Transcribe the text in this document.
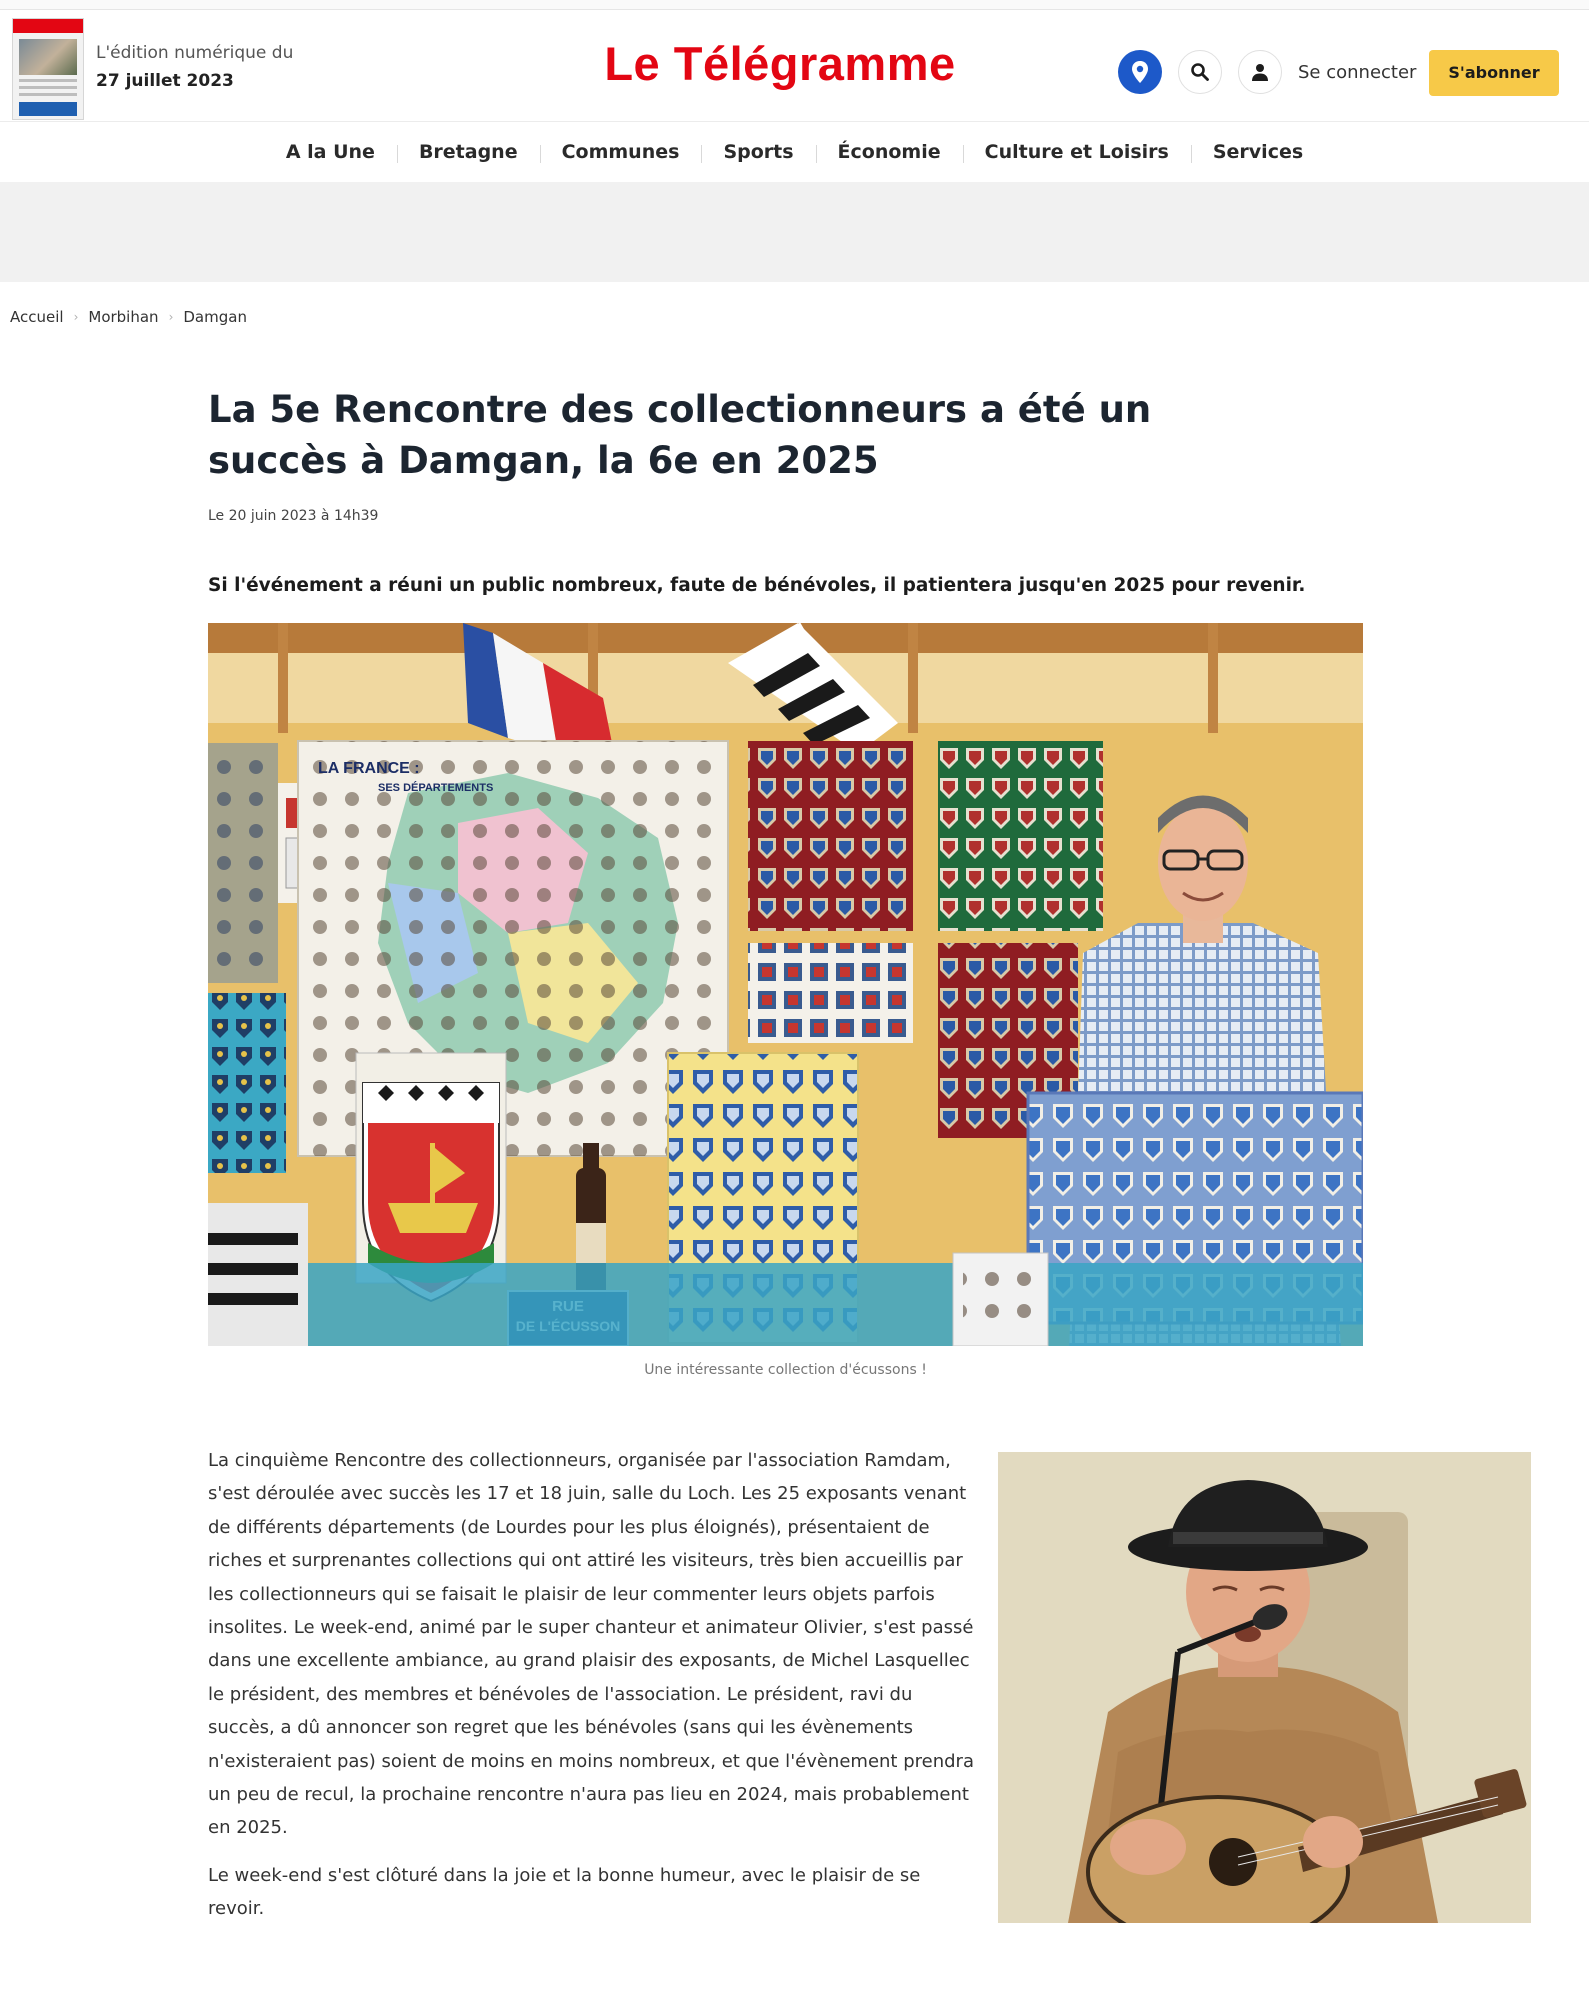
L'édition numérique du
27 juillet 2023	Le Télégramme	Se connecter	S'abonner
A la Une	Bretagne	Communes	Sports	Économie	Culture et Loisirs	Services
Accueil › Morbihan › Damgan
La 5e Rencontre des collectionneurs a été un succès à Damgan, la 6e en 2025
Le 20 juin 2023 à 14h39
Si l'événement a réuni un public nombreux, faute de bénévoles, il patientera jusqu'en 2025 pour revenir.
LA FRANCE :
SES DÉPARTEMENTS
Une intéressante collection d'écussons !

La cinquième Rencontre des collectionneurs, organisée par l'association Ramdam, s'est déroulée avec succès les 17 et 18 juin, salle du Loch. Les 25 exposants venant de différents départements (de Lourdes pour les plus éloignés), présentaient de riches et surprenantes collections qui ont attiré les visiteurs, très bien accueillis par les collectionneurs qui se faisait le plaisir de leur commenter leurs objets parfois insolites. Le week-end, animé par le super chanteur et animateur Olivier, s'est passé dans une excellente ambiance, au grand plaisir des exposants, de Michel Lasquellec le président, des membres et bénévoles de l'association. Le président, ravi du succès, a dû annoncer son regret que les bénévoles (sans qui les évènements n'existeraient pas) soient de moins en moins nombreux, et que l'évènement prendra un peu de recul, la prochaine rencontre n'aura pas lieu en 2024, mais probablement en 2025.

Le week-end s'est clôturé dans la joie et la bonne humeur, avec le plaisir de se revoir.
